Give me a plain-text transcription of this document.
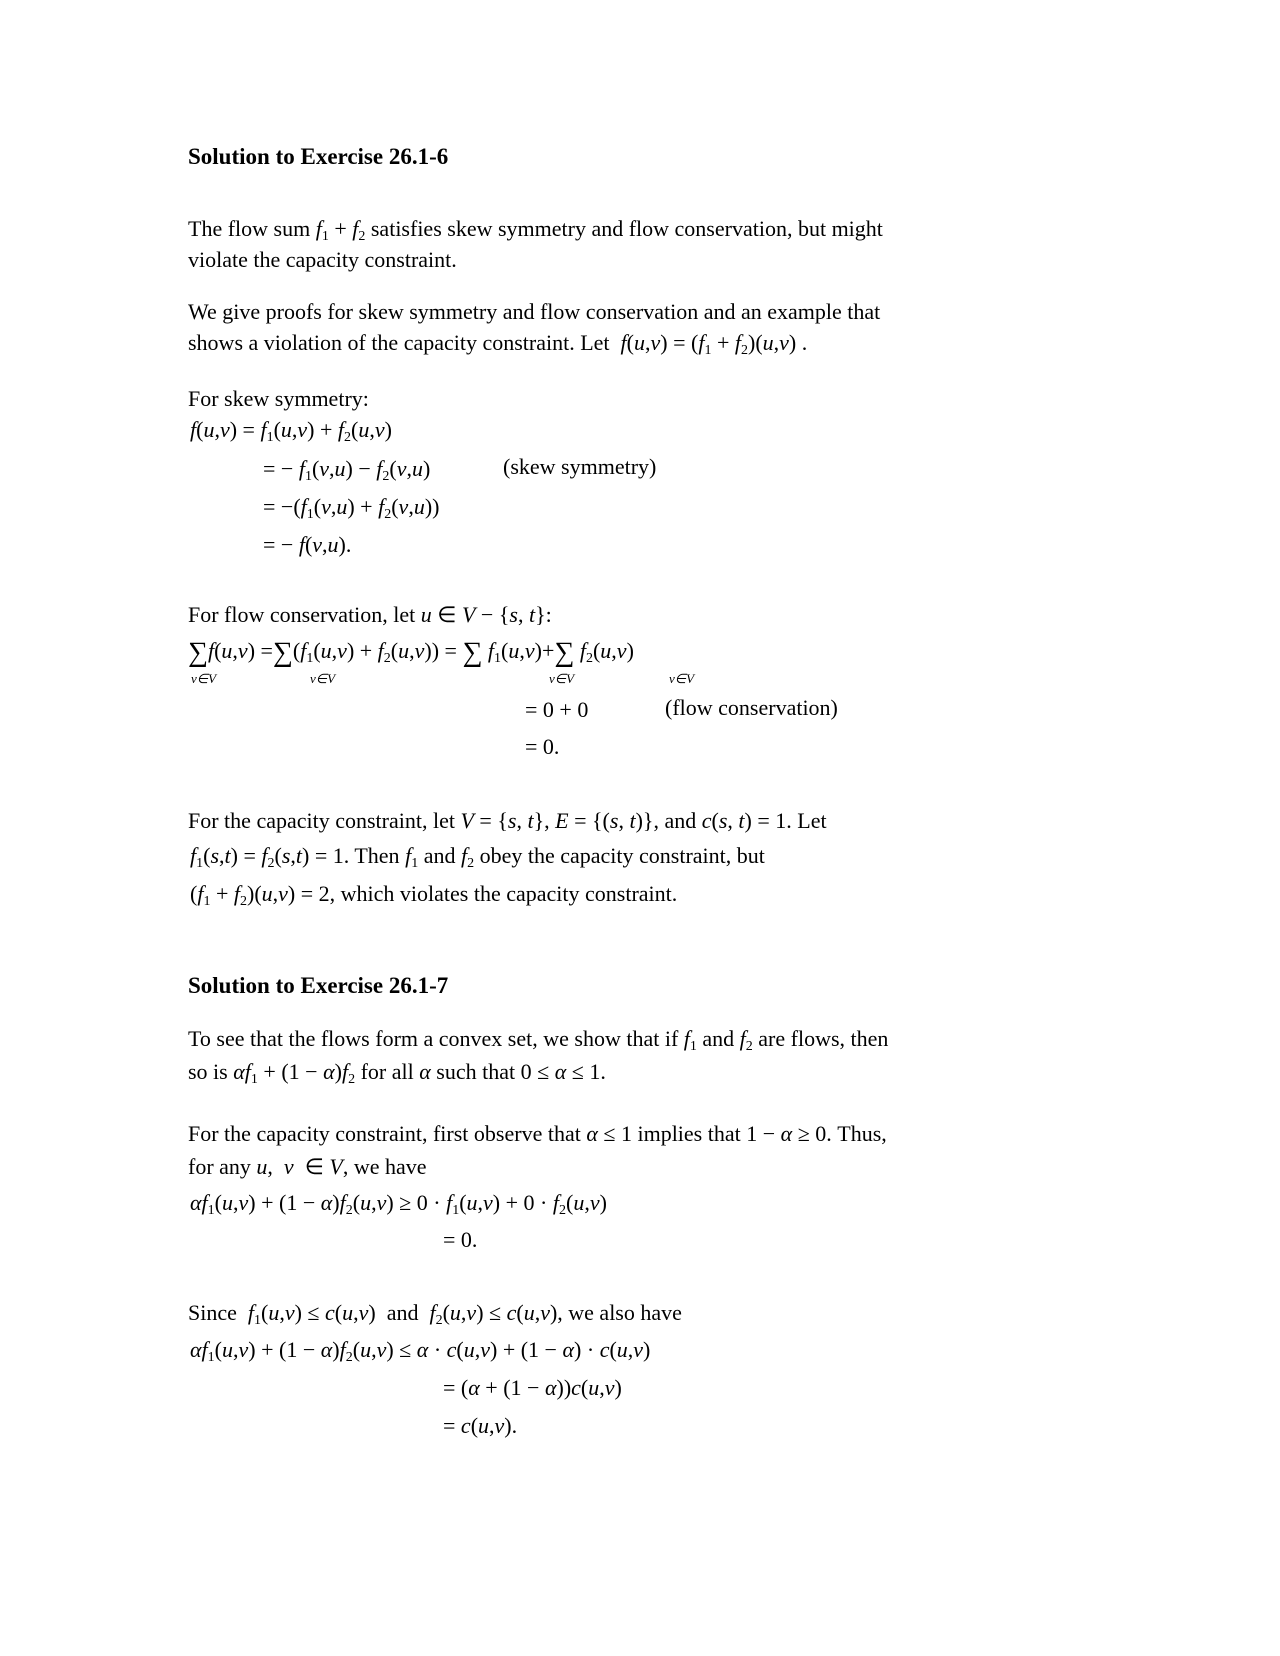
Solution to Exercise 26.1-6
The flow sum $f_1 + f_2$ satisfies skew symmetry and flow conservation, but might
violate the capacity constraint.
We give proofs for skew symmetry and flow conservation and an example that
shows a violation of the capacity constraint. Let $f(u,v) = (f_1 + f_2)(u,v)$ .
For skew symmetry:
$f(u,v) = f_1(u,v) + f_2(u,v)$
= − $f_1(v,u) - f_2(v,u)$	(skew symmetry)
= $-(f_1(v,u) + f_2(v,u))$
= − f(v,u).
For flow conservation, let u ∈ V − {s, t}:
$\sum f(u,v) =\sum(f_1(u,v) + f_2(u,v))$ = ∑ $f_1(u,v)+\sum$ $f_2(u,v)$
v∈V	v∈V	v∈V	v∈V
= 0 + 0	(flow conservation)
= 0.
For the capacity constraint, let V = {s, t}, E = {(s, t)}, and c(s, t) = 1. Let
$f_1(s,t) = f_2(s,t) = 1$. Then $f_1$ and $f_2$ obey the capacity constraint, but
$(f_1 + f_2)(u,v) = 2$, which violates the capacity constraint.
Solution to Exercise 26.1-7
To see that the flows form a convex set, we show that if $f_1$ and $f_2$ are flows, then
so is $\alpha f_1 + (1 - \alpha)f_2$ for all α such that 0 ≤ α ≤ 1.
For the capacity constraint, first observe that α ≤ 1 implies that 1 − α ≥ 0. Thus,
for any u,  v  ∈ V, we have
$\alpha f_1(u,v) + (1 - \alpha)f_2(u,v) \ge 0 \cdot f_1(u,v) + 0 \cdot f_2(u,v)$
= 0.
Since $f_1(u,v) \le c(u,v)$  and $f_2(u,v) \le c(u,v)$, we also have
$\alpha f_1(u,v) + (1 - \alpha)f_2(u,v) \le \alpha \cdot c(u,v) + (1 - \alpha) \cdot c(u,v)$
= (α + (1 − α))c(u,v)
= c(u,v).
